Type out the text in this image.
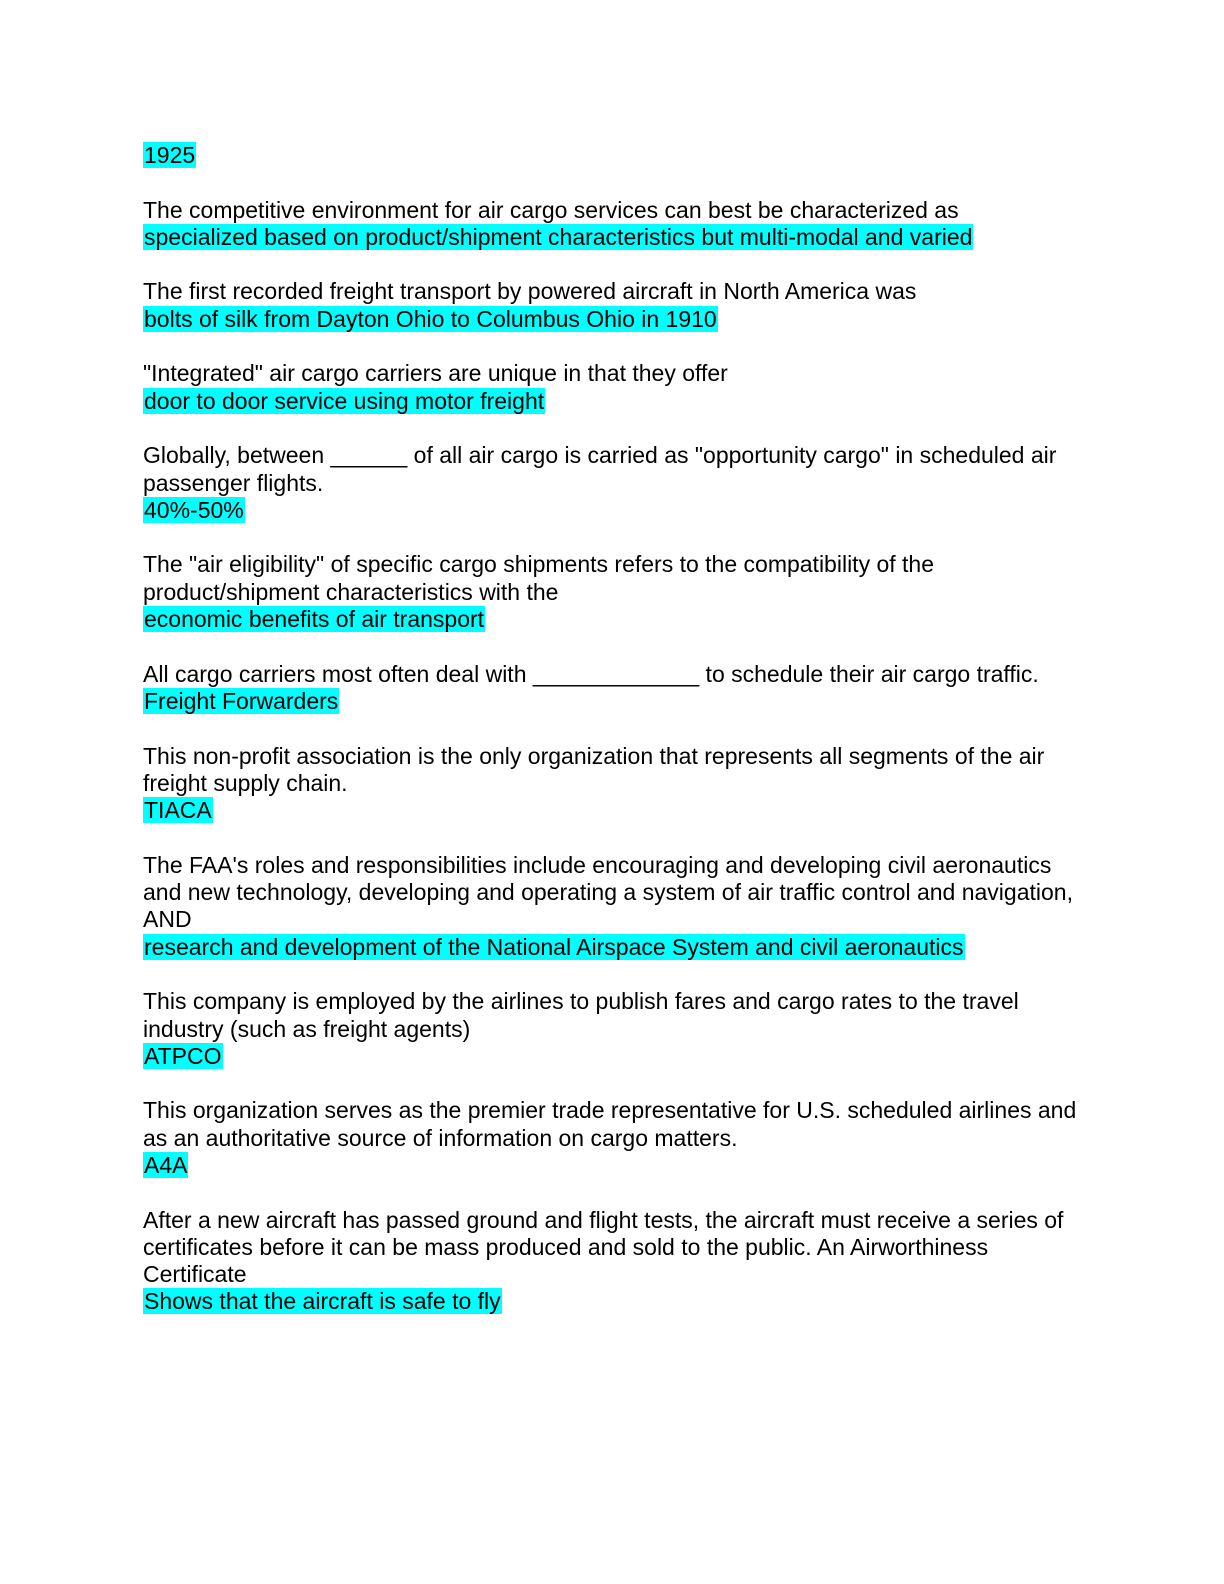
1925
The competitive environment for air cargo services can best be characterized as
specialized based on product/shipment characteristics but multi-modal and varied
The first recorded freight transport by powered aircraft in North America was
bolts of silk from Dayton Ohio to Columbus Ohio in 1910
"Integrated" air cargo carriers are unique in that they offer
door to door service using motor freight
Globally, between ______ of all air cargo is carried as "opportunity cargo" in scheduled air passenger flights.
40%-50%
The "air eligibility" of specific cargo shipments refers to the compatibility of the product/shipment characteristics with the
economic benefits of air transport
All cargo carriers most often deal with _____________ to schedule their air cargo traffic.
Freight Forwarders
This non-profit association is the only organization that represents all segments of the air freight supply chain.
TIACA
The FAA's roles and responsibilities include encouraging and developing civil aeronautics and new technology, developing and operating a system of air traffic control and navigation, AND
research and development of the National Airspace System and civil aeronautics
This company is employed by the airlines to publish fares and cargo rates to the travel industry (such as freight agents)
ATPCO
This organization serves as the premier trade representative for U.S. scheduled airlines and as an authoritative source of information on cargo matters.
A4A
After a new aircraft has passed ground and flight tests, the aircraft must receive a series of certificates before it can be mass produced and sold to the public. An Airworthiness Certificate
Shows that the aircraft is safe to fly
